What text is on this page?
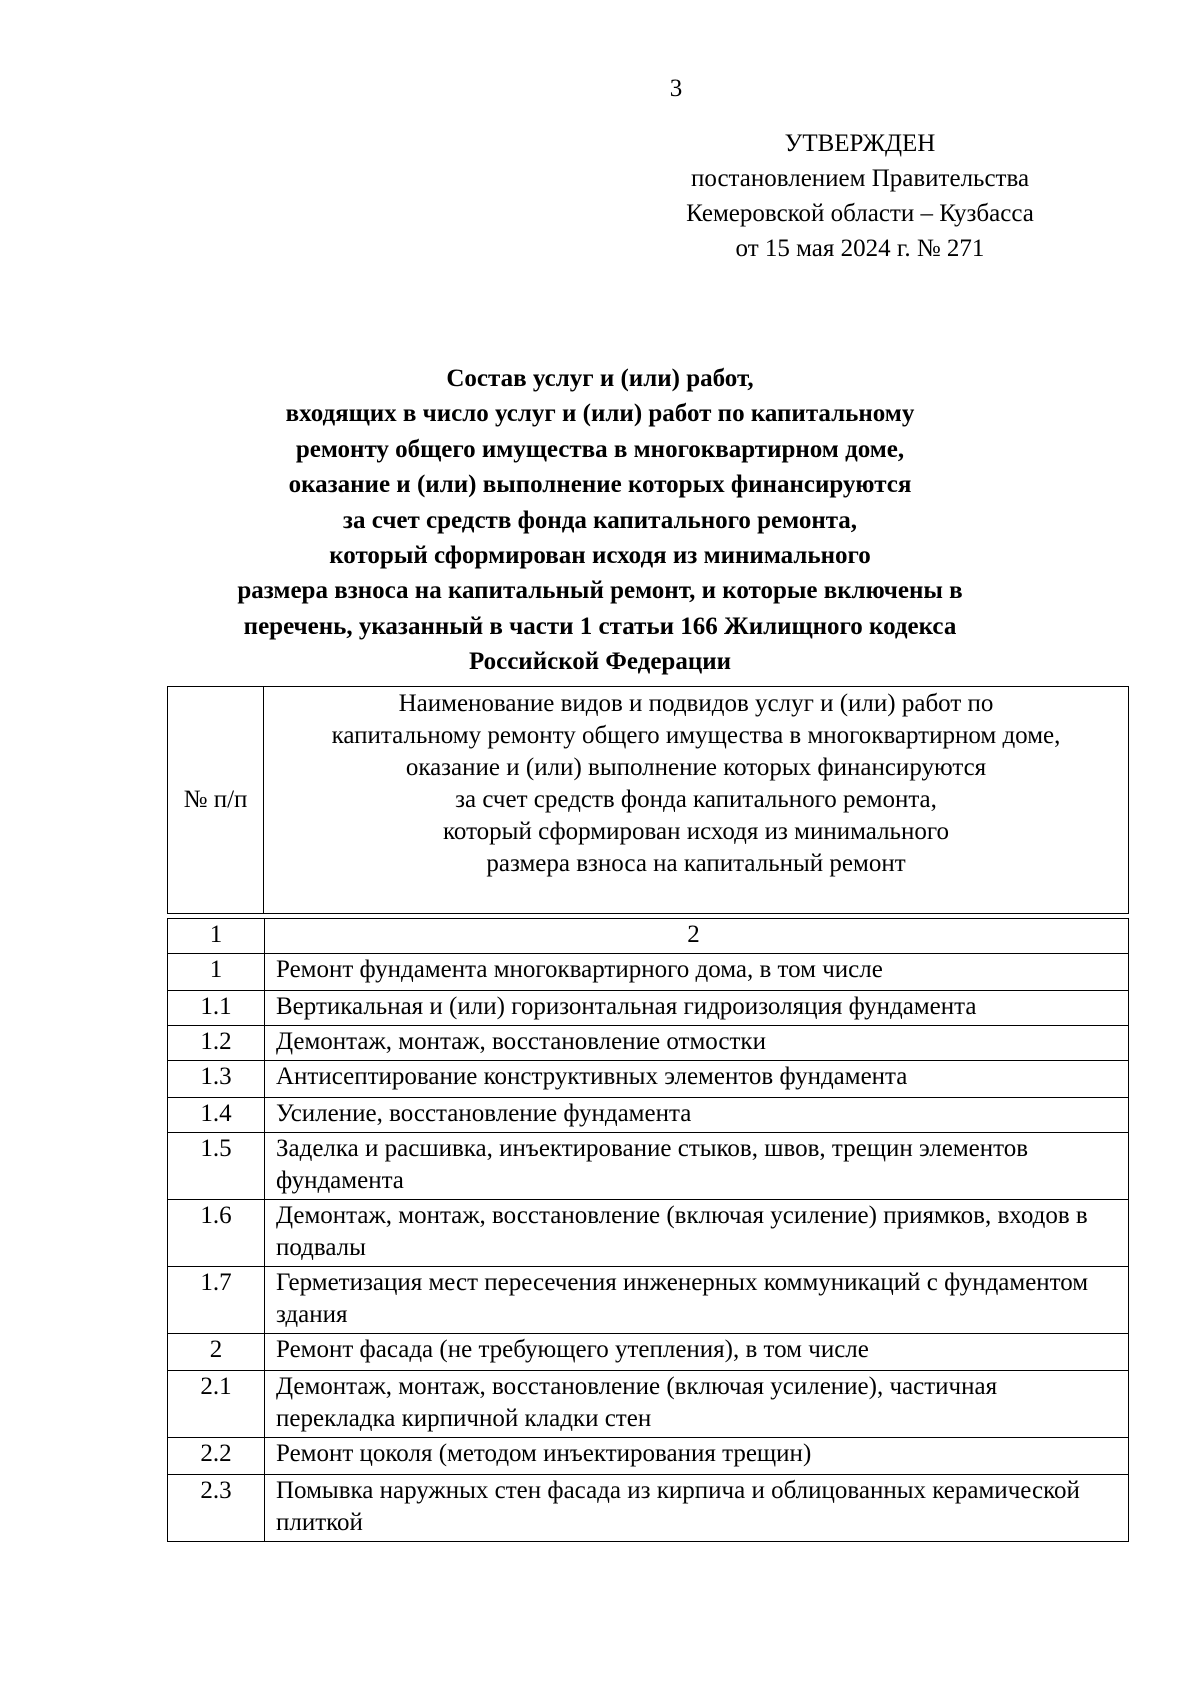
3
УТВЕРЖДЕН
постановлением Правительства
Кемеровской области – Кузбасса
от 15 мая 2024 г. № 271
Состав услуг и (или) работ,
входящих в число услуг и (или) работ по капитальному
ремонту общего имущества в многоквартирном доме,
оказание и (или) выполнение которых финансируются
за счет средств фонда капитального ремонта,
который сформирован исходя из минимального
размера взноса на капитальный ремонт, и которые включены в
перечень, указанный в части 1 статьи 166 Жилищного кодекса
Российской Федерации
№ п/п
Наименование видов и подвидов услуг и (или) работ по
капитальному ремонту общего имущества в многоквартирном доме,
оказание и (или) выполнение которых финансируются
за счет средств фонда капитального ремонта,
который сформирован исходя из минимального
размера взноса на капитальный ремонт
1	2
1	Ремонт фундамента многоквартирного дома, в том числе
1.1	Вертикальная и (или) горизонтальная гидроизоляция фундамента
1.2	Демонтаж, монтаж, восстановление отмостки
1.3	Антисептирование конструктивных элементов фундамента
1.4	Усиление, восстановление фундамента
1.5	Заделка и расшивка, инъектирование стыков, швов, трещин элементов фундамента
1.6	Демонтаж, монтаж, восстановление (включая усиление) приямков, входов в подвалы
1.7	Герметизация мест пересечения инженерных коммуникаций с фундаментом здания
2	Ремонт фасада (не требующего утепления), в том числе
2.1	Демонтаж, монтаж, восстановление (включая усиление), частичная перекладка кирпичной кладки стен
2.2	Ремонт цоколя (методом инъектирования трещин)
2.3	Помывка наружных стен фасада из кирпича и облицованных керамической плиткой
